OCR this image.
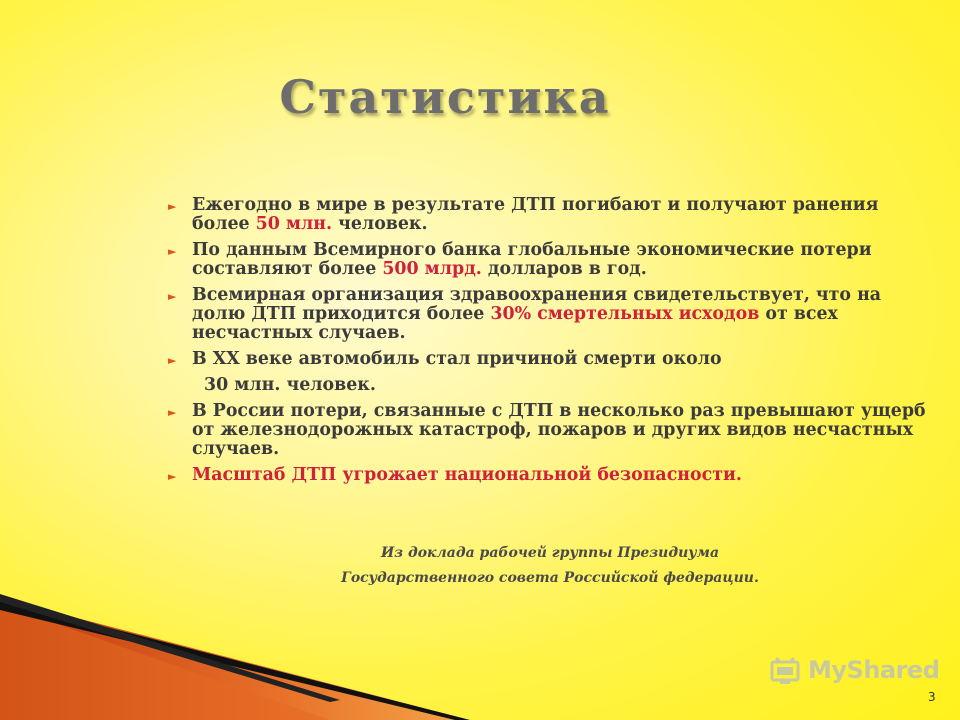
Статистика
► Ежегодно в мире в результате ДТП погибают и получают ранения более 50 млн. человек.
► По данным Всемирного банка глобальные экономические потери составляют более 500 млрд. долларов в год.
► Всемирная организация здравоохранения свидетельствует, что на долю ДТП приходится более 30% смертельных исходов от всех несчастных случаев.
► В XX веке автомобиль стал причиной смерти около
30 млн. человек.
► В России потери, связанные с ДТП в несколько раз превышают ущерб от железнодорожных катастроф, пожаров и других видов несчастных случаев.
► Масштаб ДТП угрожает национальной безопасности.
Из доклада рабочей группы Президиума
Государственного совета Российской федерации.
MyShared
3
